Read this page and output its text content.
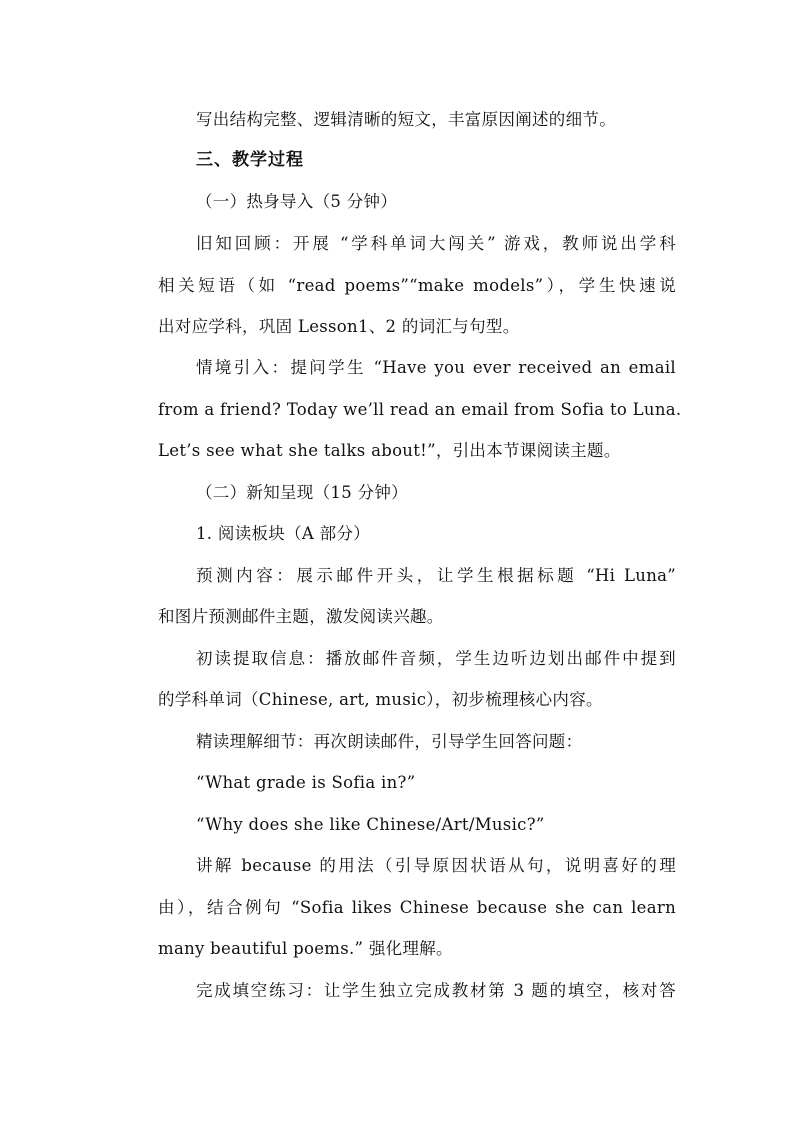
写出结构完整、逻辑清晰的短文，丰富原因阐述的细节。
三、教学过程
（一）热身导入（5 分钟）
旧知回顾：开展 “学科单词大闯关” 游戏，教师说出学科
相关短语（如 “read poems”“make models”），学生快速说
出对应学科，巩固 Lesson1、2 的词汇与句型。
情境引入：提问学生 “Have you ever received an email
from a friend? Today we’ll read an email from Sofia to Luna.
Let’s see what she talks about!”，引出本节课阅读主题。
（二）新知呈现（15 分钟）
1. 阅读板块（A 部分）
预测内容：展示邮件开头，让学生根据标题 “Hi Luna”
和图片预测邮件主题，激发阅读兴趣。
初读提取信息：播放邮件音频，学生边听边划出邮件中提到
的学科单词（Chinese, art, music），初步梳理核心内容。
精读理解细节：再次朗读邮件，引导学生回答问题：
“What grade is Sofia in?”
“Why does she like Chinese/Art/Music?”
讲解 because 的用法（引导原因状语从句，说明喜好的理
由），结合例句 “Sofia likes Chinese because she can learn
many beautiful poems.” 强化理解。
完成填空练习：让学生独立完成教材第 3 题的填空，核对答
